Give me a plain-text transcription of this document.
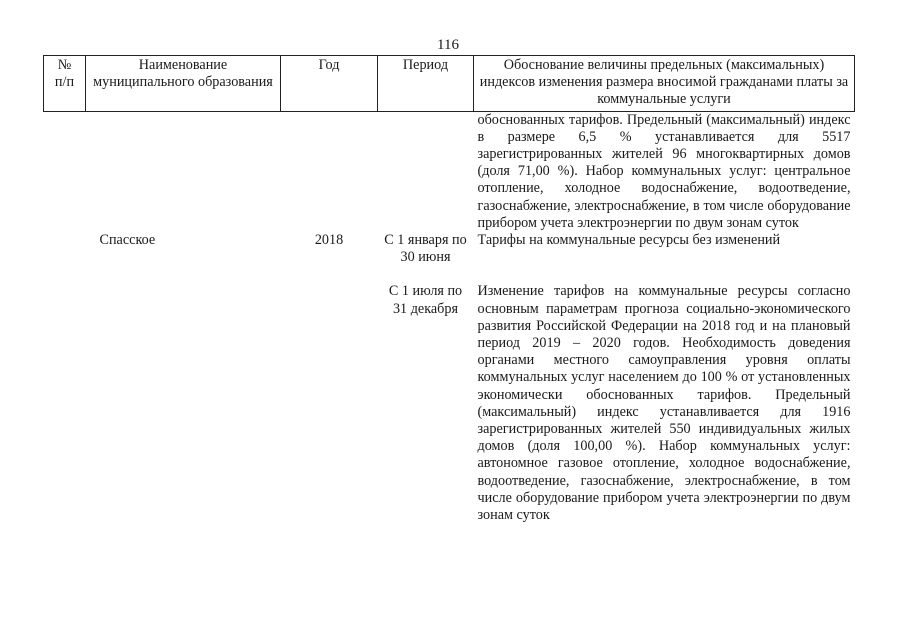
116
№
п/п	Наименование муниципального образования	Год	Период	Обоснование величины предельных (максимальных) индексов изменения размера вносимой гражданами платы за коммунальные услуги
				обоснованных тарифов. Предельный (максимальный) индекс в размере 6,5 % устанавливается для 5517 зарегистрированных жителей 96 многоквартирных домов (доля 71,00 %). Набор коммунальных услуг: центральное отопление, холодное водоснабжение, водоотведение, газоснабжение, электроснабжение, в том числе оборудование прибором учета электроэнергии по двум зонам суток
	Спасское	2018	С 1 января по 30 июня	Тарифы на коммунальные ресурсы без изменений
			С 1 июля по 31 декабря	Изменение тарифов на коммунальные ресурсы согласно основным параметрам прогноза социально-экономического развития Российской Федерации на 2018 год и на плановый период 2019 – 2020 годов. Необходимость доведения органами местного самоуправления уровня оплаты коммунальных услуг населением до 100 % от установленных экономически обоснованных тарифов. Предельный (максимальный) индекс устанавливается для 1916 зарегистрированных жителей 550 индивидуальных жилых домов (доля 100,00 %). Набор коммунальных услуг: автономное газовое отопление, холодное водоснабжение, водоотведение, газоснабжение, электроснабжение, в том числе оборудование прибором учета электроэнергии по двум зонам суток
